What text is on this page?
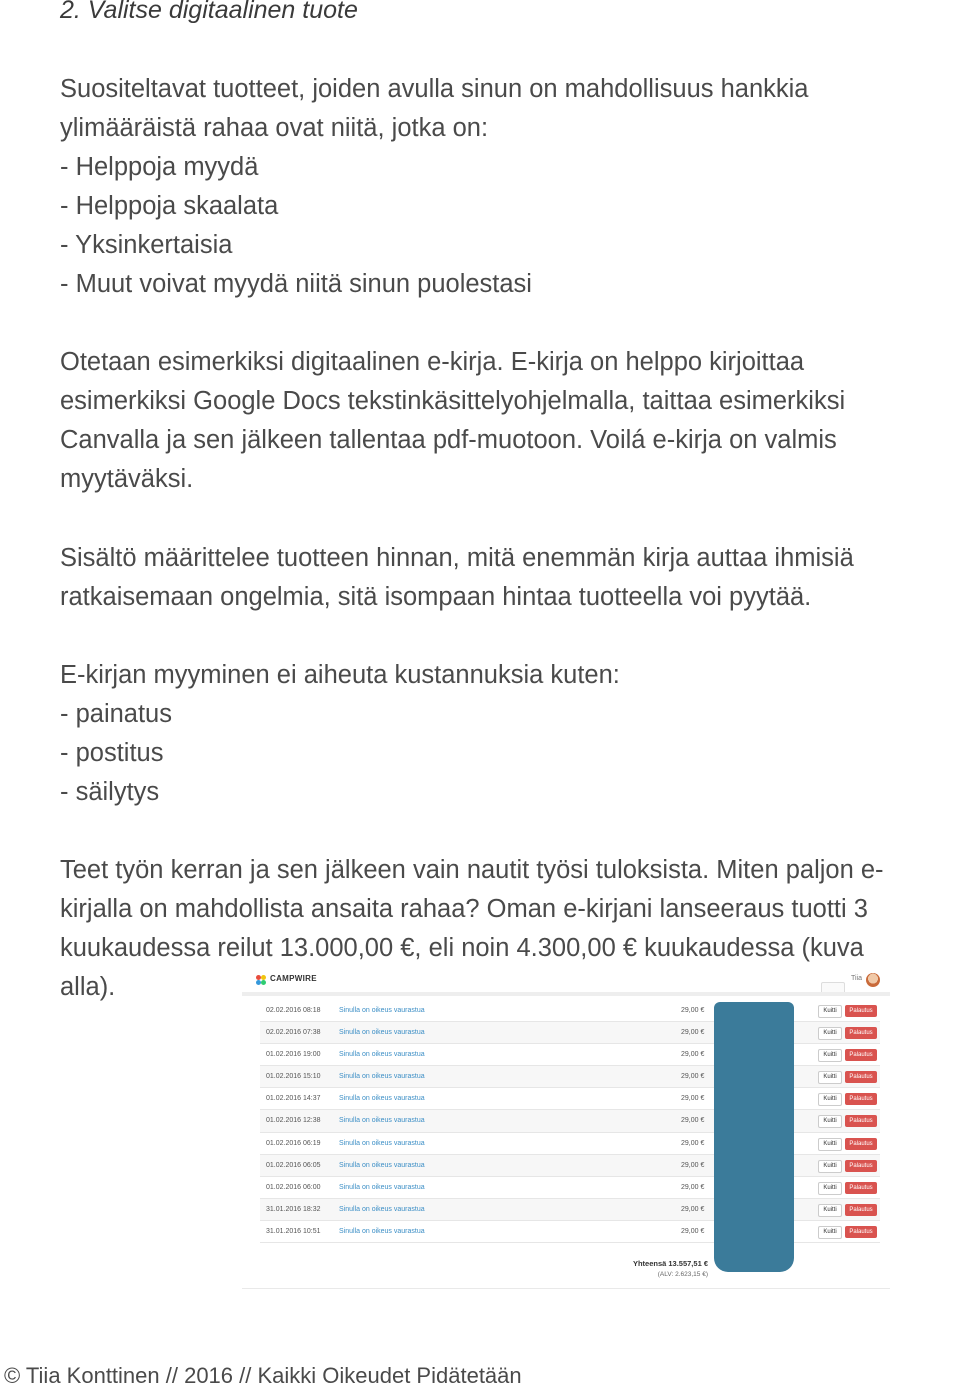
2. Valitse digitaalinen tuote

Suositeltavat tuotteet, joiden avulla sinun on mahdollisuus hankkia
ylimääräistä rahaa ovat niitä, jotka on:
- Helppoja myydä
- Helppoja skaalata
- Yksinkertaisia
- Muut voivat myydä niitä sinun puolestasi

Otetaan esimerkiksi digitaalinen e-kirja. E-kirja on helppo kirjoittaa
esimerkiksi Google Docs tekstinkäsittelyohjelmalla, taittaa esimerkiksi
Canvalla ja sen jälkeen tallentaa pdf-muotoon. Voilá e-kirja on valmis
myytäväksi.

Sisältö määrittelee tuotteen hinnan, mitä enemmän kirja auttaa ihmisiä
ratkaisemaan ongelmia, sitä isompaan hintaa tuotteella voi pyytää.

E-kirjan myyminen ei aiheuta kustannuksia kuten:
- painatus
- postitus
- säilytys

Teet työn kerran ja sen jälkeen vain nautit työsi tuloksista. Miten paljon e-
kirjalla on mahdollista ansaita rahaa? Oman e-kirjani lanseeraus tuotti 3
kuukaudessa reilut 13.000,00 €, eli noin 4.300,00 € kuukaudessa (kuva
alla).	CAMPWIRE	Tiia
02.02.2016 08:18	Sinulla on oikeus vaurastua	29,00 €	Kuitti	Palautus
02.02.2016 07:38	Sinulla on oikeus vaurastua	29,00 €	Kuitti	Palautus
01.02.2016 19:00	Sinulla on oikeus vaurastua	29,00 €	Kuitti	Palautus
01.02.2016 15:10	Sinulla on oikeus vaurastua	29,00 €	Kuitti	Palautus
01.02.2016 14:37	Sinulla on oikeus vaurastua	29,00 €	Kuitti	Palautus
01.02.2016 12:38	Sinulla on oikeus vaurastua	29,00 €	Kuitti	Palautus
01.02.2016 06:19	Sinulla on oikeus vaurastua	29,00 €	Kuitti	Palautus
01.02.2016 06:05	Sinulla on oikeus vaurastua	29,00 €	Kuitti	Palautus
01.02.2016 06:00	Sinulla on oikeus vaurastua	29,00 €	Kuitti	Palautus
31.01.2016 18:32	Sinulla on oikeus vaurastua	29,00 €	Kuitti	Palautus
31.01.2016 10:51	Sinulla on oikeus vaurastua	29,00 €	Kuitti	Palautus
Yhteensä 13.557,51 €
(ALV: 2.623,15 €)

© Tiia Konttinen // 2016 // Kaikki Oikeudet Pidätetään
